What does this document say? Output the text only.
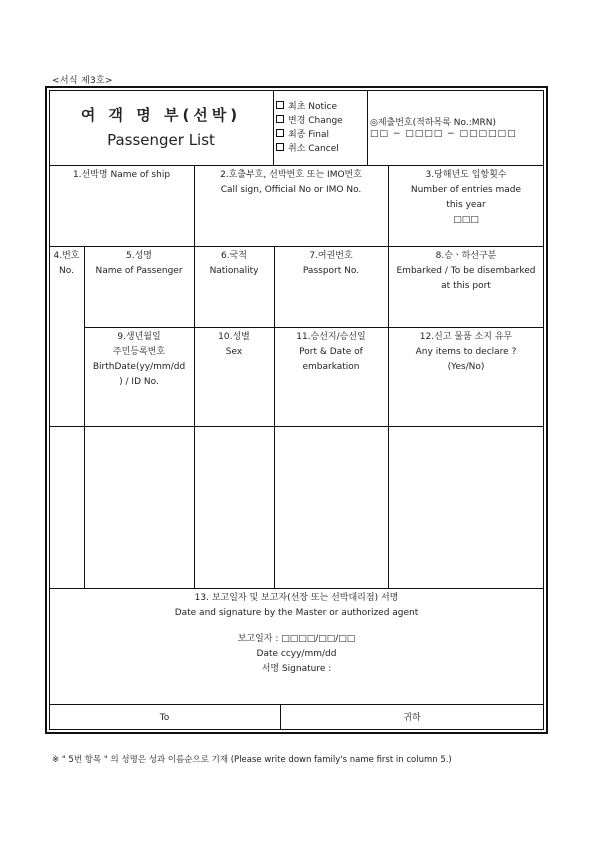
<서식 제3호>
여 객 명 부(선박)
Passenger List
최초 Notice
변경 Change
최종 Final
취소 Cancel
◎제출번호(적하목록 No.:MRN)
□□ − □□□□ − □□□□□□
1.선박명 Name of ship	2.호출부호, 선박번호 또는 IMO번호
Call sign, Official No or IMO No.
3.당해년도 입항횟수
Number of entries made
this year
□□□
4.번호
No.
5.성명
Name of Passenger
6.국적
Nationality
7.여권번호
Passport No.
8.승ㆍ하선구분
Embarked / To be disembarked
at this port
9.생년월일
주민등록번호
BirthDate(yy/mm/dd
) / ID No.
10.성별
Sex
11.승선지/승선일
Port & Date of
embarkation
12.신고 물품 소지 유무
Any items to declare ?
(Yes/No)
13. 보고일자 및 보고자(선장 또는 선박대리점) 서명
Date and signature by the Master or authorized agent
보고일자 : □□□□/□□/□□
Date ccyy/mm/dd
서명 Signature :
To	귀하
※ " 5번 항목 " 의 성명은 성과 이름순으로 기재 (Please write down family's name first in column 5.)
